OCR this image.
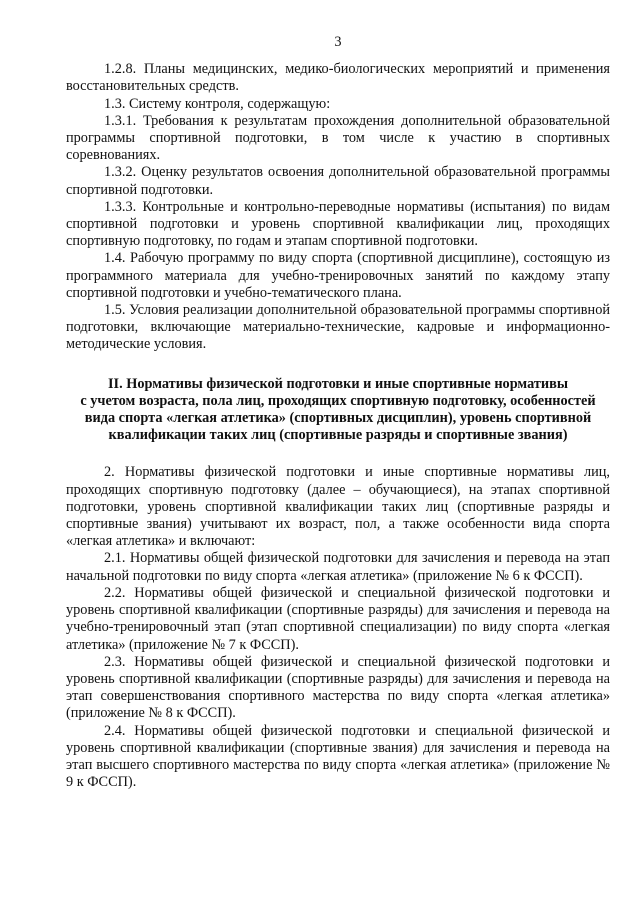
3

1.2.8. Планы медицинских, медико-биологических мероприятий и применения восстановительных средств.

1.3. Систему контроля, содержащую:

1.3.1. Требования к результатам прохождения дополнительной образовательной программы спортивной подготовки, в том числе к участию в спортивных соревнованиях.

1.3.2. Оценку результатов освоения дополнительной образовательной программы спортивной подготовки.

1.3.3. Контрольные и контрольно-переводные нормативы (испытания) по видам спортивной подготовки и уровень спортивной квалификации лиц, проходящих спортивную подготовку, по годам и этапам спортивной подготовки.

1.4. Рабочую программу по виду спорта (спортивной дисциплине), состоящую из программного материала для учебно-тренировочных занятий по каждому этапу спортивной подготовки и учебно-тематического плана.

1.5. Условия реализации дополнительной образовательной программы спортивной подготовки, включающие материально-технические, кадровые и информационно-методические условия.

II. Нормативы физической подготовки и иные спортивные нормативы
с учетом возраста, пола лиц, проходящих спортивную подготовку, особенностей
вида спорта «легкая атлетика» (спортивных дисциплин), уровень спортивной
квалификации таких лиц (спортивные разряды и спортивные звания)

2. Нормативы физической подготовки и иные спортивные нормативы лиц, проходящих спортивную подготовку (далее – обучающиеся), на этапах спортивной подготовки, уровень спортивной квалификации таких лиц (спортивные разряды и спортивные звания) учитывают их возраст, пол, а также особенности вида спорта «легкая атлетика» и включают:

2.1. Нормативы общей физической подготовки для зачисления и перевода на этап начальной подготовки по виду спорта «легкая атлетика» (приложение № 6 к ФССП).

2.2. Нормативы общей физической и специальной физической подготовки и уровень спортивной квалификации (спортивные разряды) для зачисления и перевода на учебно-тренировочный этап (этап спортивной специализации) по виду спорта «легкая атлетика» (приложение № 7 к ФССП).

2.3. Нормативы общей физической и специальной физической подготовки и уровень спортивной квалификации (спортивные разряды) для зачисления и перевода на этап совершенствования спортивного мастерства по виду спорта «легкая атлетика» (приложение № 8 к ФССП).

2.4. Нормативы общей физической подготовки и специальной физической и уровень спортивной квалификации (спортивные звания) для зачисления и перевода на этап высшего спортивного мастерства по виду спорта «легкая атлетика» (приложение № 9 к ФССП).
